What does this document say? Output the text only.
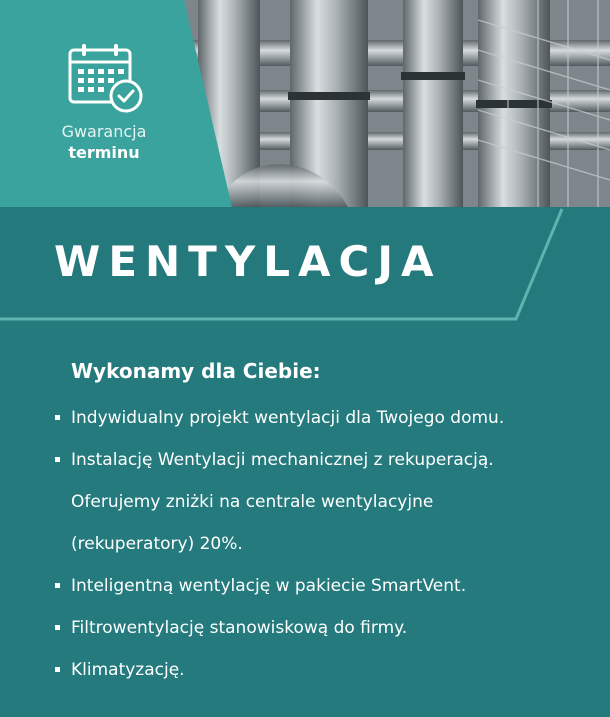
Gwarancja
terminu
WENTYLACJA
Wykonamy dla Ciebie:
Indywidualny projekt wentylacji dla Twojego domu.
Instalację Wentylacji mechanicznej z rekuperacją.
Oferujemy zniżki na centrale wentylacyjne
(rekuperatory) 20%.
Inteligentną wentylację w pakiecie SmartVent.
Filtrowentylację stanowiskową do firmy.
Klimatyzację.
